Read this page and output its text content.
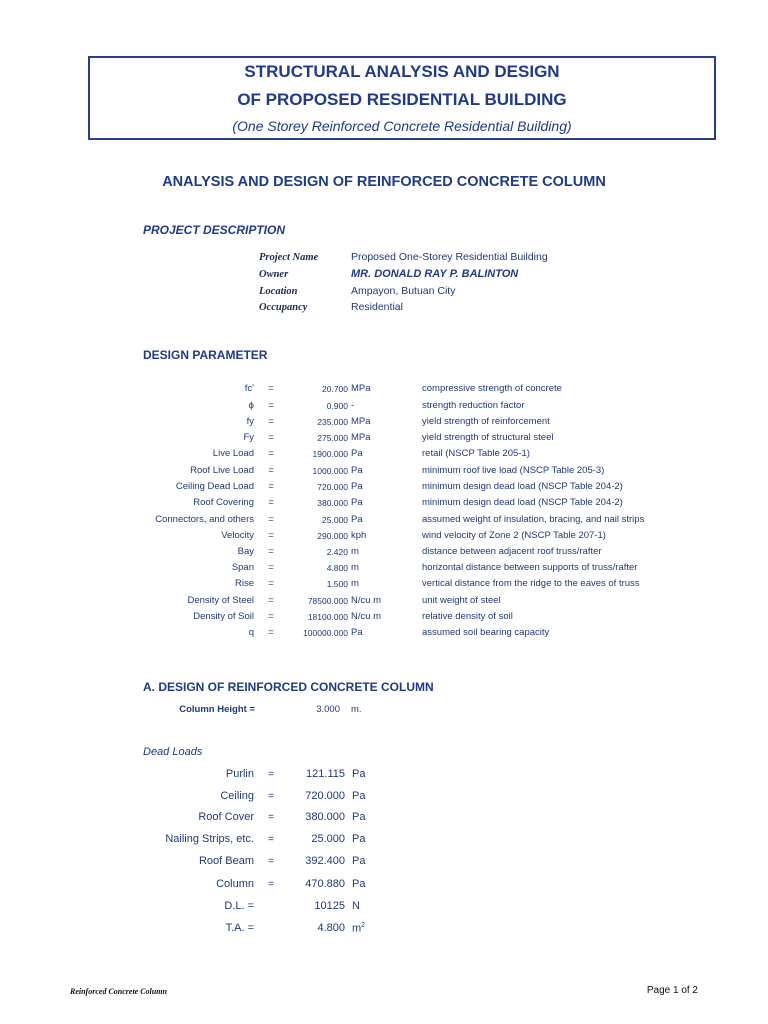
STRUCTURAL ANALYSIS AND DESIGN
OF PROPOSED RESIDENTIAL BUILDING
(One Storey Reinforced Concrete Residential Building)
ANALYSIS AND DESIGN OF REINFORCED CONCRETE COLUMN
PROJECT DESCRIPTION
Project Name	Proposed One-Storey Residential Building
Owner	MR. DONALD RAY P. BALINTON
Location	Ampayon, Butuan City
Occupancy	Residential
DESIGN PARAMETER
fc'	=	20.700 MPa	compressive strength of concrete
ϕ	=	0.900 -	strength reduction factor
fy	=	235.000 MPa	yield strength of reinforcement
Fy	=	275.000 MPa	yield strength of structural steel
Live Load	=	1900.000 Pa	retail (NSCP Table 205-1)
Roof Live Load	=	1000.000 Pa	minimum roof live load (NSCP Table 205-3)
Ceiling Dead Load	=	720.000 Pa	minimum design dead load (NSCP Table 204-2)
Roof Covering	=	380.000 Pa	minimum design dead load (NSCP Table 204-2)
Connectors, and others	=	25.000 Pa	assumed weight of insulation, bracing, and nail strips
Velocity	=	290.000 kph	wind velocity of Zone 2 (NSCP Table 207-1)
Bay	=	2.420 m	distance between adjacent roof truss/rafter
Span	=	4.800 m	horizontal distance between supports of truss/rafter
Rise	=	1.500 m	vertical distance from the ridge to the eaves of truss
Density of Steel	=	78500.000 N/cu m	unit weight of steel
Density of Soil	=	18100.000 N/cu m	relative density of soil
q	=	100000.000 Pa	assumed soil bearing capacity
A. DESIGN OF REINFORCED CONCRETE COLUMN
Column Height =	3.000 m.
Dead Loads
Purlin	=	121.115 Pa
Ceiling	=	720.000 Pa
Roof Cover	=	380.000 Pa
Nailing Strips, etc.	=	25.000 Pa
Roof Beam	=	392.400 Pa
Column	=	470.880 Pa
D.L. =	10125 N
T.A. =	4.800 $m^2$
Reinforced Concrete Column	Page 1 of 2
